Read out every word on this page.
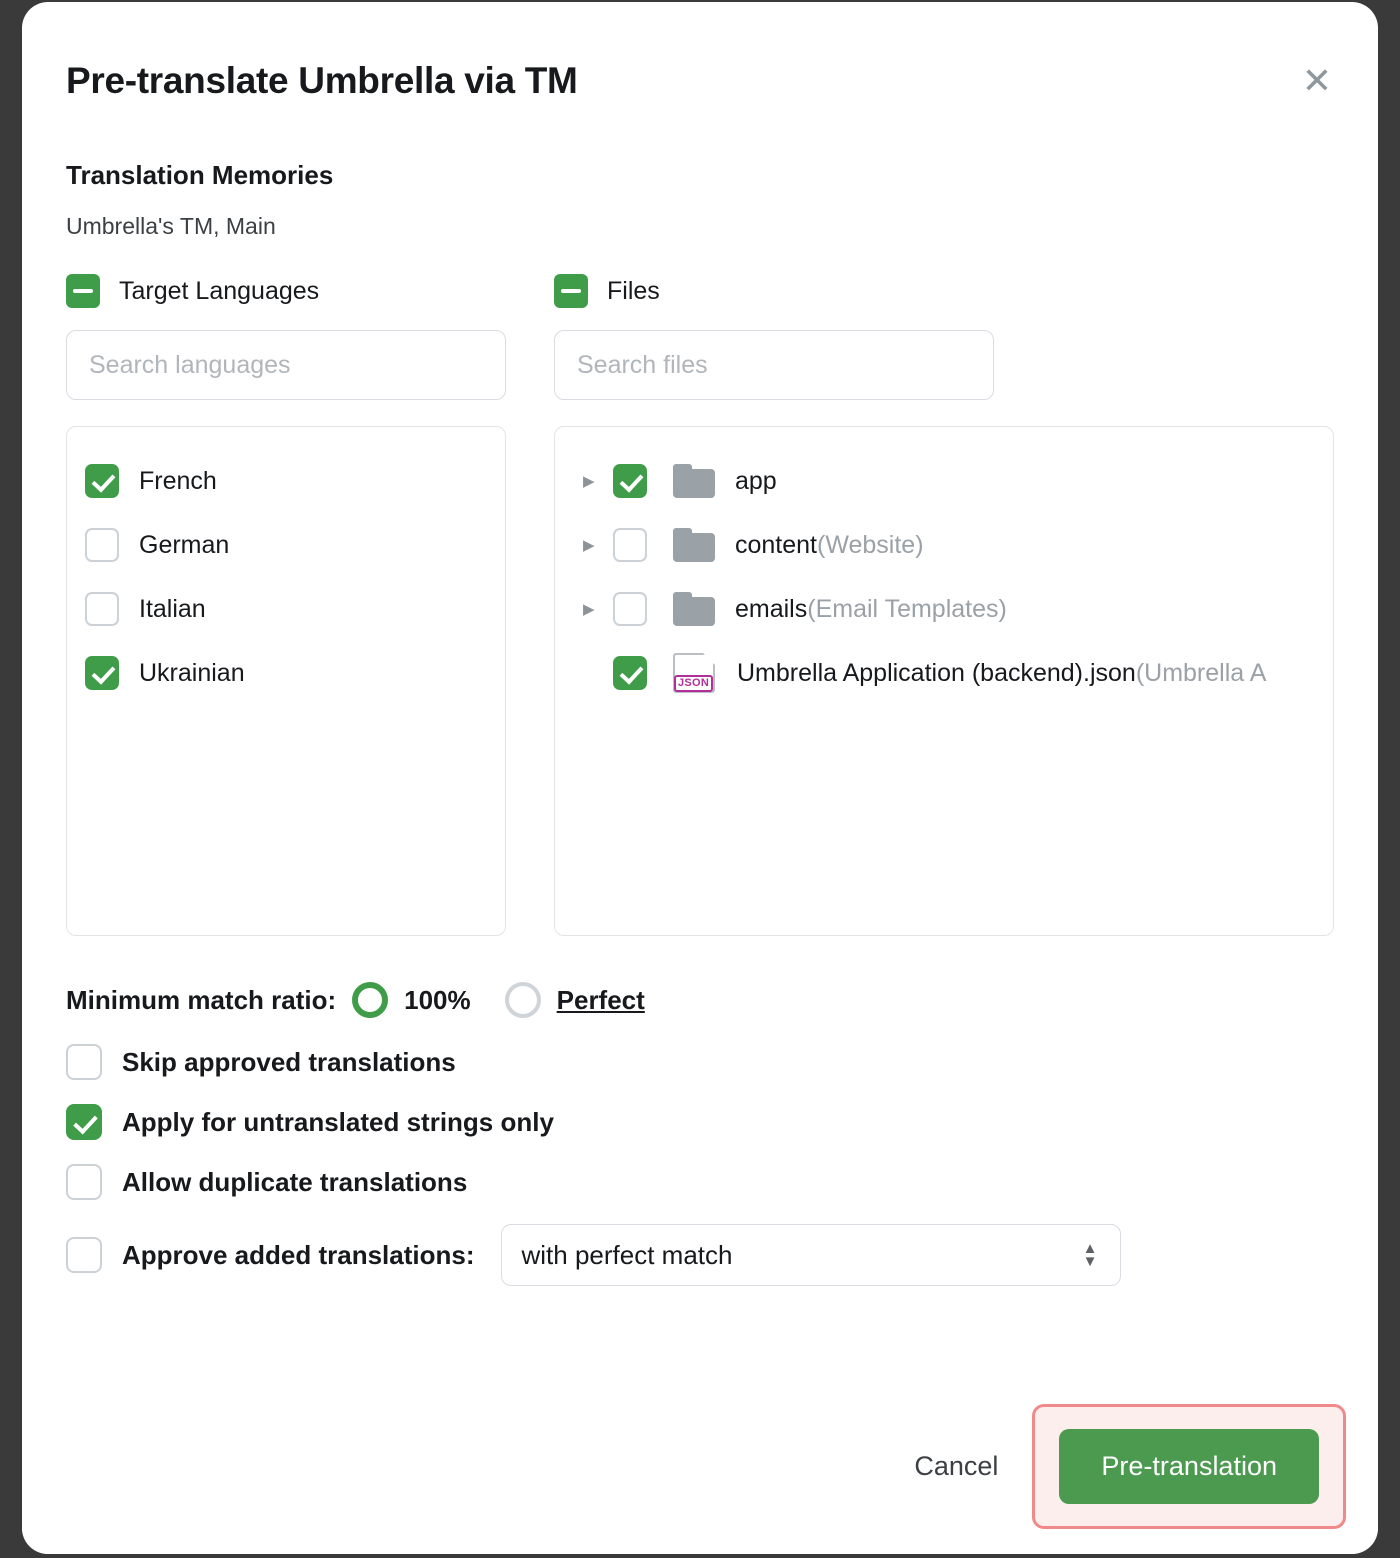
Pre-translate Umbrella via TM	✕
Translation Memories
Umbrella's TM, Main
Target Languages
Search languages
French
German
Italian
Ukrainian
Files
Search files
▶	app
▶	content (Website)
▶	emails (Email Templates)
JSON Umbrella Application (backend).json (Umbrella A
Minimum match ratio:	100%	Perfect
Skip approved translations
Apply for untranslated strings only
Allow duplicate translations
Approve added translations: with perfect match	▲
▼
Cancel	Pre-translation
